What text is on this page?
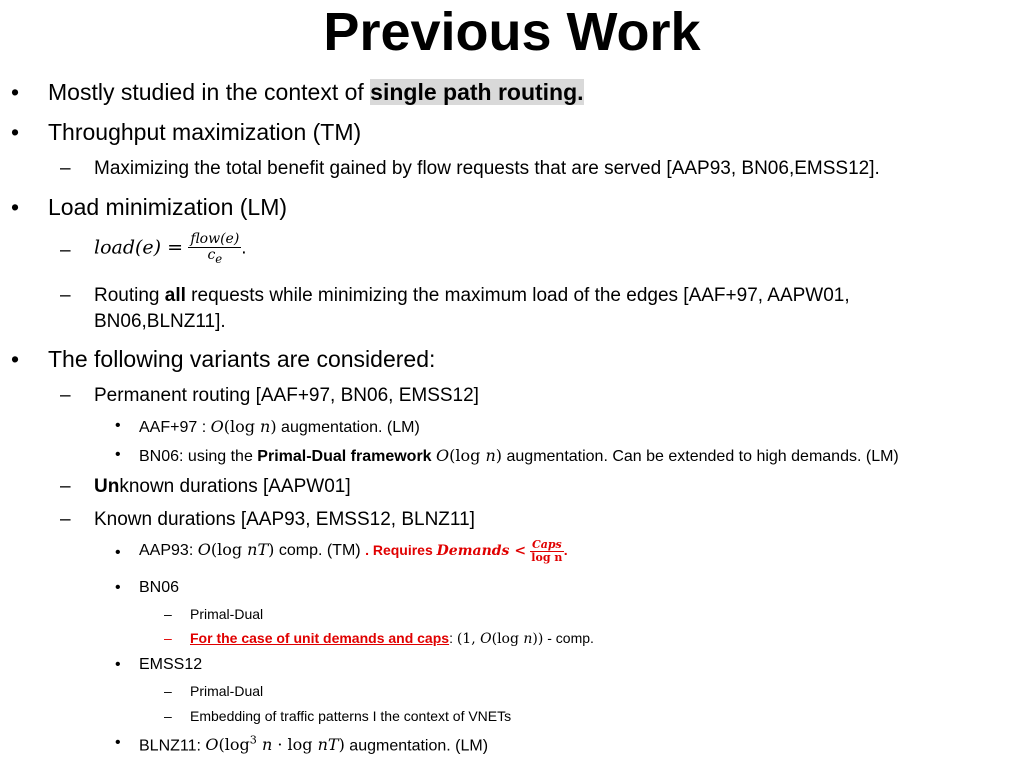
Previous Work
• Mostly studied in the context of single path routing.
• Throughput maximization (TM)
– Maximizing the total benefit gained by flow requests that are served [AAP93, BN06,EMSS12].
• Load minimization (LM)
– load(e) = $\frac{\text{flow(e)}}{c_e}$ .
– Routing all requests while minimizing the maximum load of the edges [AAF+97, AAPW01,
BN06,BLNZ11].
• The following variants are considered:
– Permanent routing [AAF+97, BN06, EMSS12]
• AAF+97 : O(log n) augmentation. (LM)
• BN06: using the Primal-Dual framework O(log n) augmentation. Can be extended to high demands. (LM)
– Unknown durations [AAPW01]
– Known durations [AAP93, EMSS12, BLNZ11]
• AAP93: O(log nT) comp. (TM) . Requires Demands < $\frac{\text{Caps}}{\text{log n}}$ .
• BN06
– Primal-Dual
– For the case of unit demands and caps: (1, O(log n)) - comp.
• EMSS12
– Primal-Dual
– Embedding of traffic patterns I the context of VNETs
• BLNZ11: $O(\log^3$ n · log nT) augmentation. (LM)
